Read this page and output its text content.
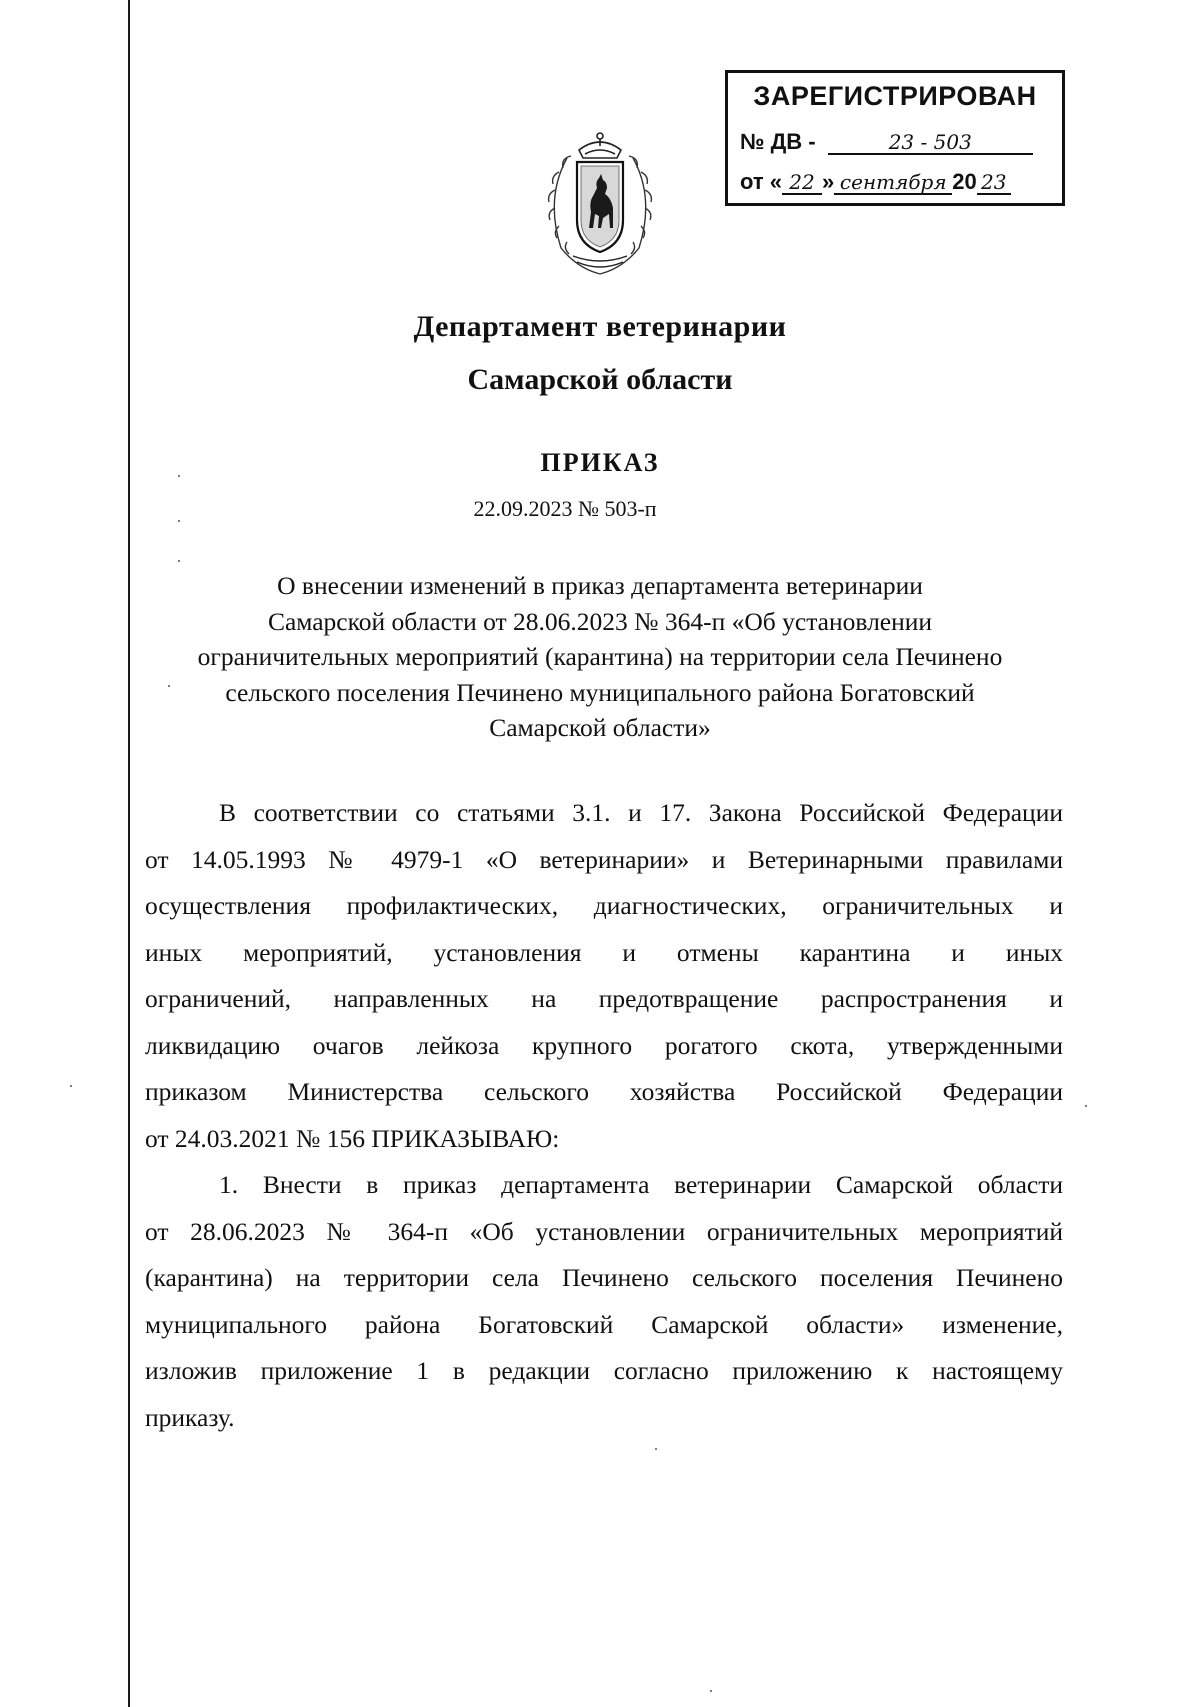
ЗАРЕГИСТРИРОВАН
№ ДВ -	23 - 503
от « 22 » сентября 20 23
Департамент ветеринарии
Самарской области
ПРИКАЗ
22.09.2023 № 503-п
О внесении изменений в приказ департамента ветеринарии
Самарской области от 28.06.2023 № 364-п «Об установлении
ограничительных мероприятий (карантина) на территории села Печинено
сельского поселения Печинено муниципального района Богатовский
Самарской области»
В соответствии со статьями 3.1. и 17. Закона Российской Федерации
от 14.05.1993 № 4979-1 «О ветеринарии» и Ветеринарными правилами
осуществления профилактических, диагностических, ограничительных и
иных мероприятий, установления и отмены карантина и иных
ограничений, направленных на предотвращение распространения и
ликвидацию очагов лейкоза крупного рогатого скота, утвержденными
приказом Министерства сельского хозяйства Российской Федерации
от 24.03.2021 № 156 ПРИКАЗЫВАЮ:
1. Внести в приказ департамента ветеринарии Самарской области
от 28.06.2023 № 364-п «Об установлении ограничительных мероприятий
(карантина) на территории села Печинено сельского поселения Печинено
муниципального района Богатовский Самарской области» изменение,
изложив приложение 1 в редакции согласно приложению к настоящему
приказу.
